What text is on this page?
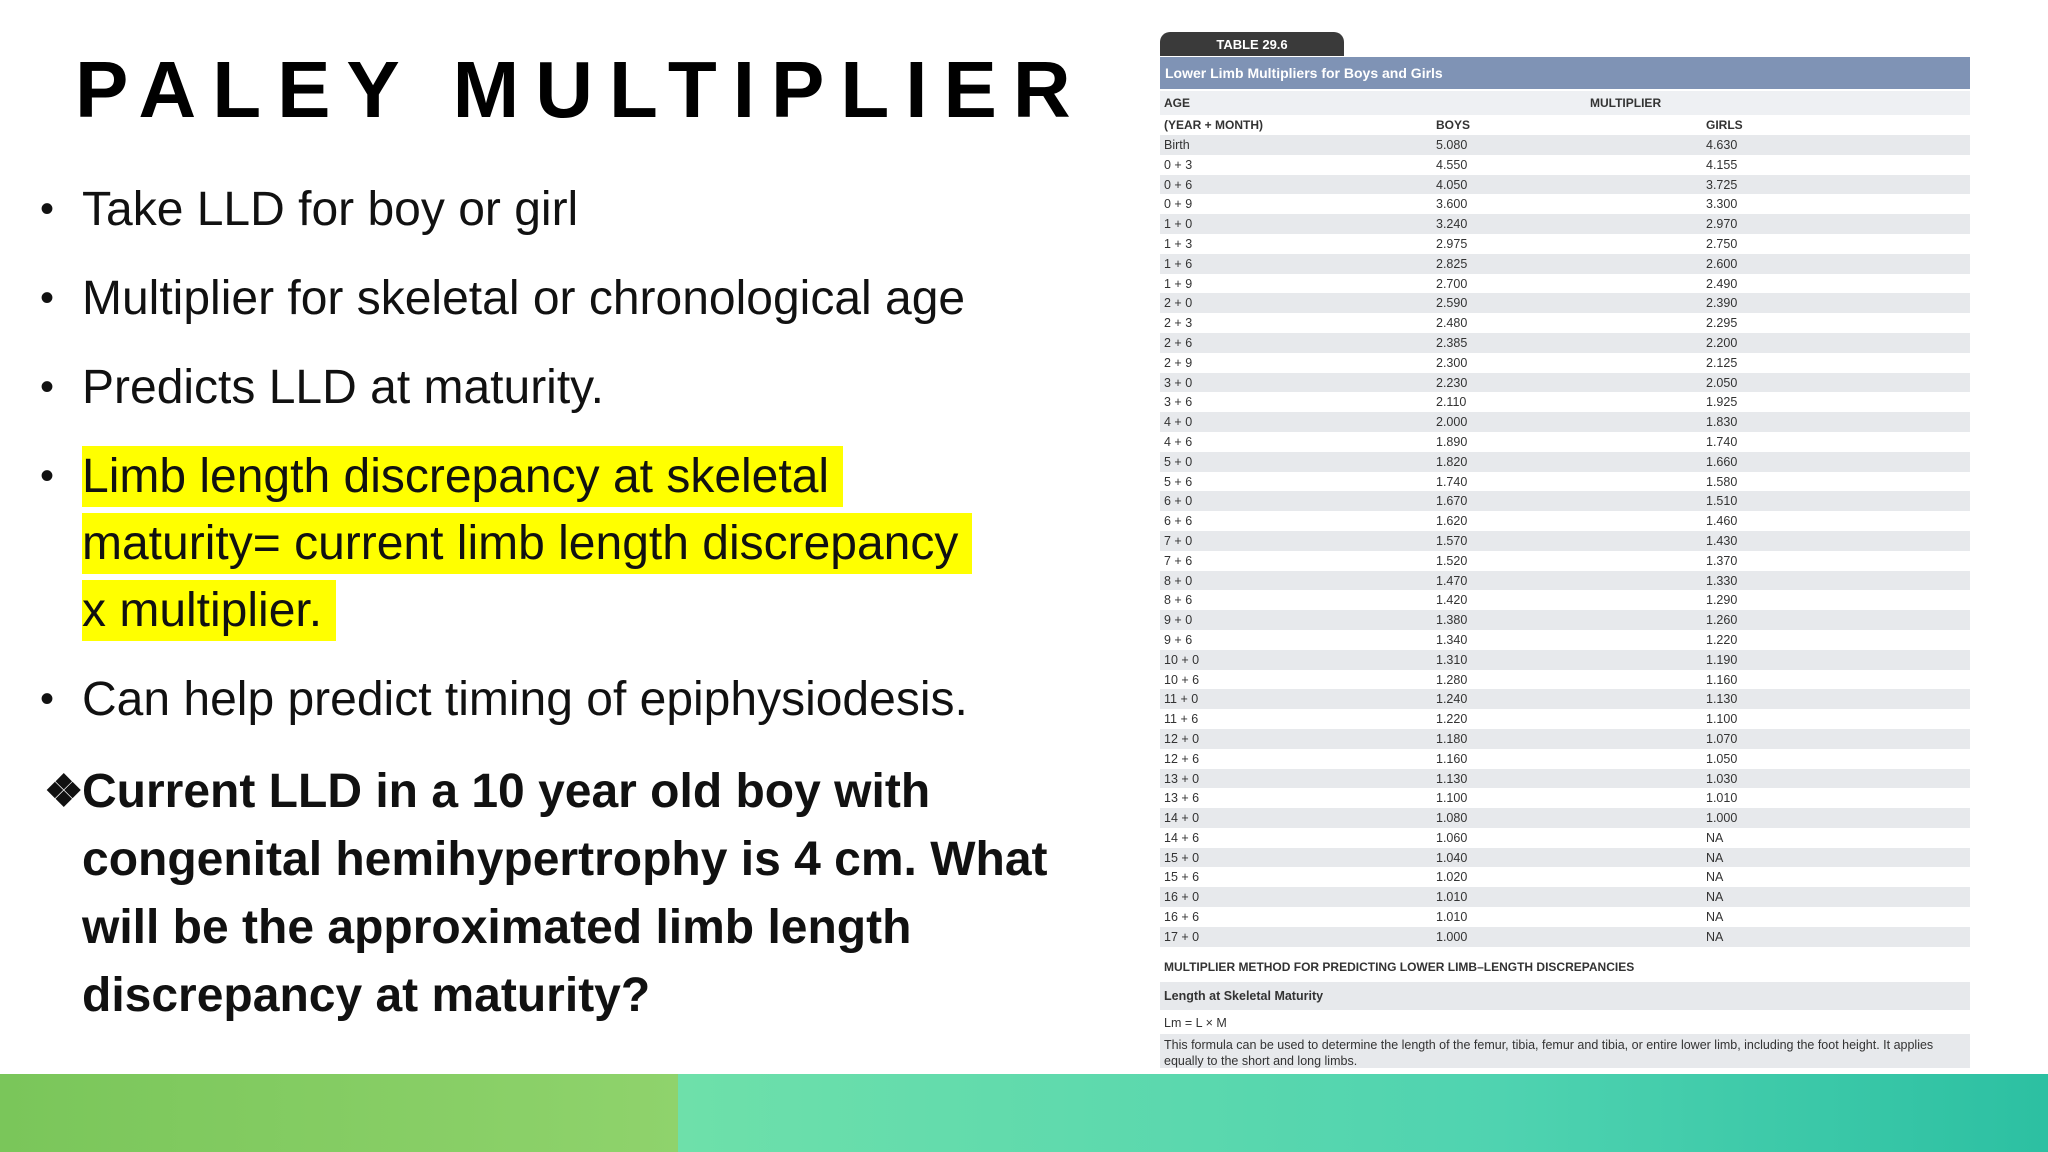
PALEY MULTIPLIER
• Take LLD for boy or girl
• Multiplier for skeletal or chronological age
• Predicts LLD at maturity.
• Limb length discrepancy at skeletal
maturity= current limb length discrepancy
x multiplier.
• Can help predict timing of epiphysiodesis.
❖
Current LLD in a 10 year old boy with congenital hemihypertrophy is 4 cm. What will be the approximated limb length discrepancy at maturity?
TABLE 29.6
Lower Limb Multipliers for Boys and Girls
AGE	MULTIPLIER
(YEAR + MONTH)	BOYS	GIRLS
Birth	5.080	4.630
0 + 3	4.550	4.155
0 + 6	4.050	3.725
0 + 9	3.600	3.300
1 + 0	3.240	2.970
1 + 3	2.975	2.750
1 + 6	2.825	2.600
1 + 9	2.700	2.490
2 + 0	2.590	2.390
2 + 3	2.480	2.295
2 + 6	2.385	2.200
2 + 9	2.300	2.125
3 + 0	2.230	2.050
3 + 6	2.110	1.925
4 + 0	2.000	1.830
4 + 6	1.890	1.740
5 + 0	1.820	1.660
5 + 6	1.740	1.580
6 + 0	1.670	1.510
6 + 6	1.620	1.460
7 + 0	1.570	1.430
7 + 6	1.520	1.370
8 + 0	1.470	1.330
8 + 6	1.420	1.290
9 + 0	1.380	1.260
9 + 6	1.340	1.220
10 + 0	1.310	1.190
10 + 6	1.280	1.160
11 + 0	1.240	1.130
11 + 6	1.220	1.100
12 + 0	1.180	1.070
12 + 6	1.160	1.050
13 + 0	1.130	1.030
13 + 6	1.100	1.010
14 + 0	1.080	1.000
14 + 6	1.060	NA
15 + 0	1.040	NA
15 + 6	1.020	NA
16 + 0	1.010	NA
16 + 6	1.010	NA
17 + 0	1.000	NA
MULTIPLIER METHOD FOR PREDICTING LOWER LIMB–LENGTH DISCREPANCIES
Length at Skeletal Maturity
Lm = L × M
This formula can be used to determine the length of the femur, tibia, femur and tibia, or entire lower limb, including the foot height. It applies equally to the short and long limbs.
